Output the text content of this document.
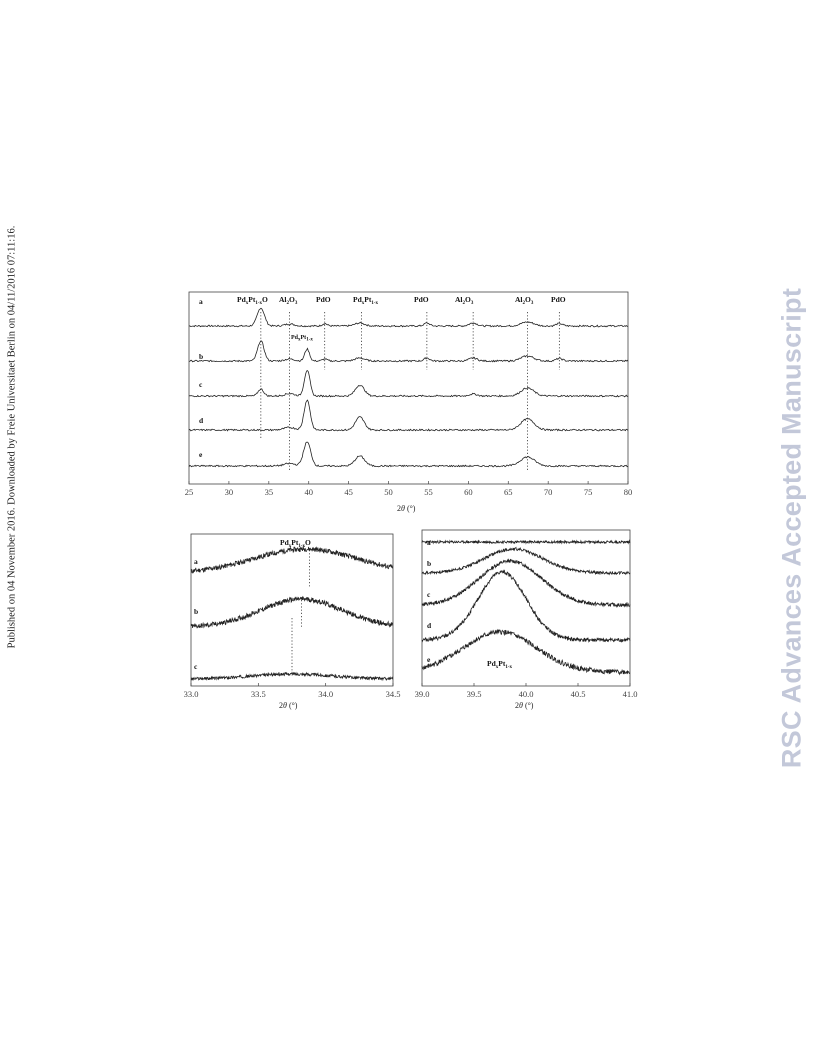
Published on 04 November 2016. Downloaded by Freie Universitaet Berlin on 04/11/2016 07:11:16.	RSC Advances Accepted Manuscript
25	30	35	40	45	50	55	60	65	70	75	80
a
b
c
d
e
$Pd_xPt_{1-x}O$ $Al_2O_3$ PdO	$Pd_xPt_{1-x}$	PdO	$Al_2O_3$	$Al_2O_3$ PdO
$Pd_xPt_{1-x}$
2θ (°)
33.0	33.5	34.0	34.5
a
b
c
$Pd_xPt_{1-x}O$
2θ (°)
39.0	39.5	40.0	40.5	41.0
a
b
c
d
e	$Pd_xPt_{1-x}$
2θ (°)
